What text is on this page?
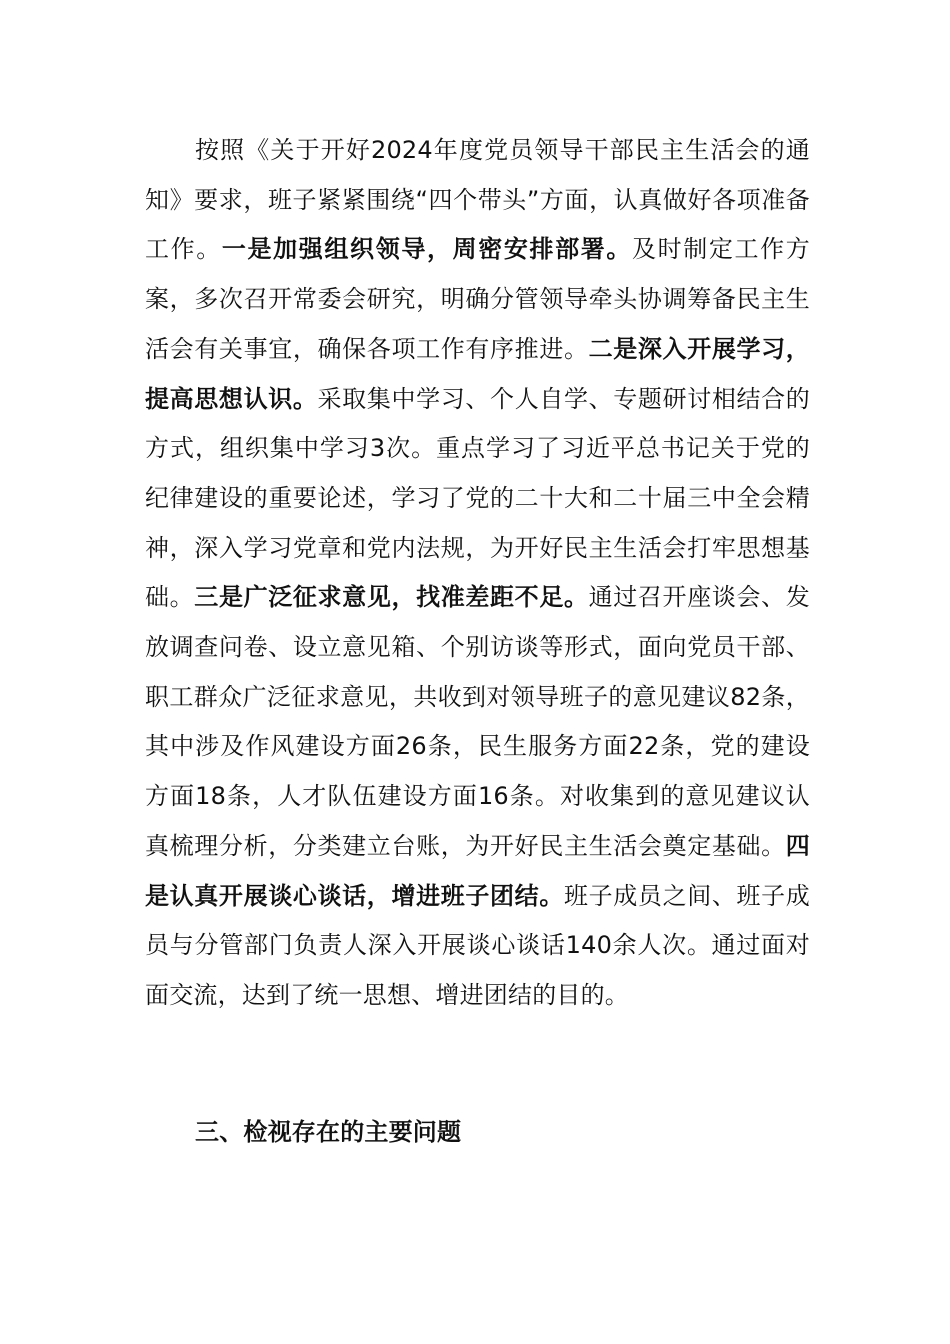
按照《关于开好2024年度党员领导干部民主生活会的通知》要求，班子紧紧围绕“四个带头”方面，认真做好各项准备工作。一是加强组织领导，周密安排部署。及时制定工作方案，多次召开常委会研究，明确分管领导牵头协调筹备民主生活会有关事宜，确保各项工作有序推进。二是深入开展学习，提高思想认识。采取集中学习、个人自学、专题研讨相结合的方式，组织集中学习3次。重点学习了习近平总书记关于党的纪律建设的重要论述，学习了党的二十大和二十届三中全会精神，深入学习党章和党内法规，为开好民主生活会打牢思想基础。三是广泛征求意见，找准差距不足。通过召开座谈会、发放调查问卷、设立意见箱、个别访谈等形式，面向党员干部、职工群众广泛征求意见，共收到对领导班子的意见建议82条，其中涉及作风建设方面26条，民生服务方面22条，党的建设方面18条，人才队伍建设方面16条。对收集到的意见建议认真梳理分析，分类建立台账，为开好民主生活会奠定基础。四是认真开展谈心谈话，增进班子团结。班子成员之间、班子成员与分管部门负责人深入开展谈心谈话140余人次。通过面对面交流，达到了统一思想、增进团结的目的。

三、检视存在的主要问题
